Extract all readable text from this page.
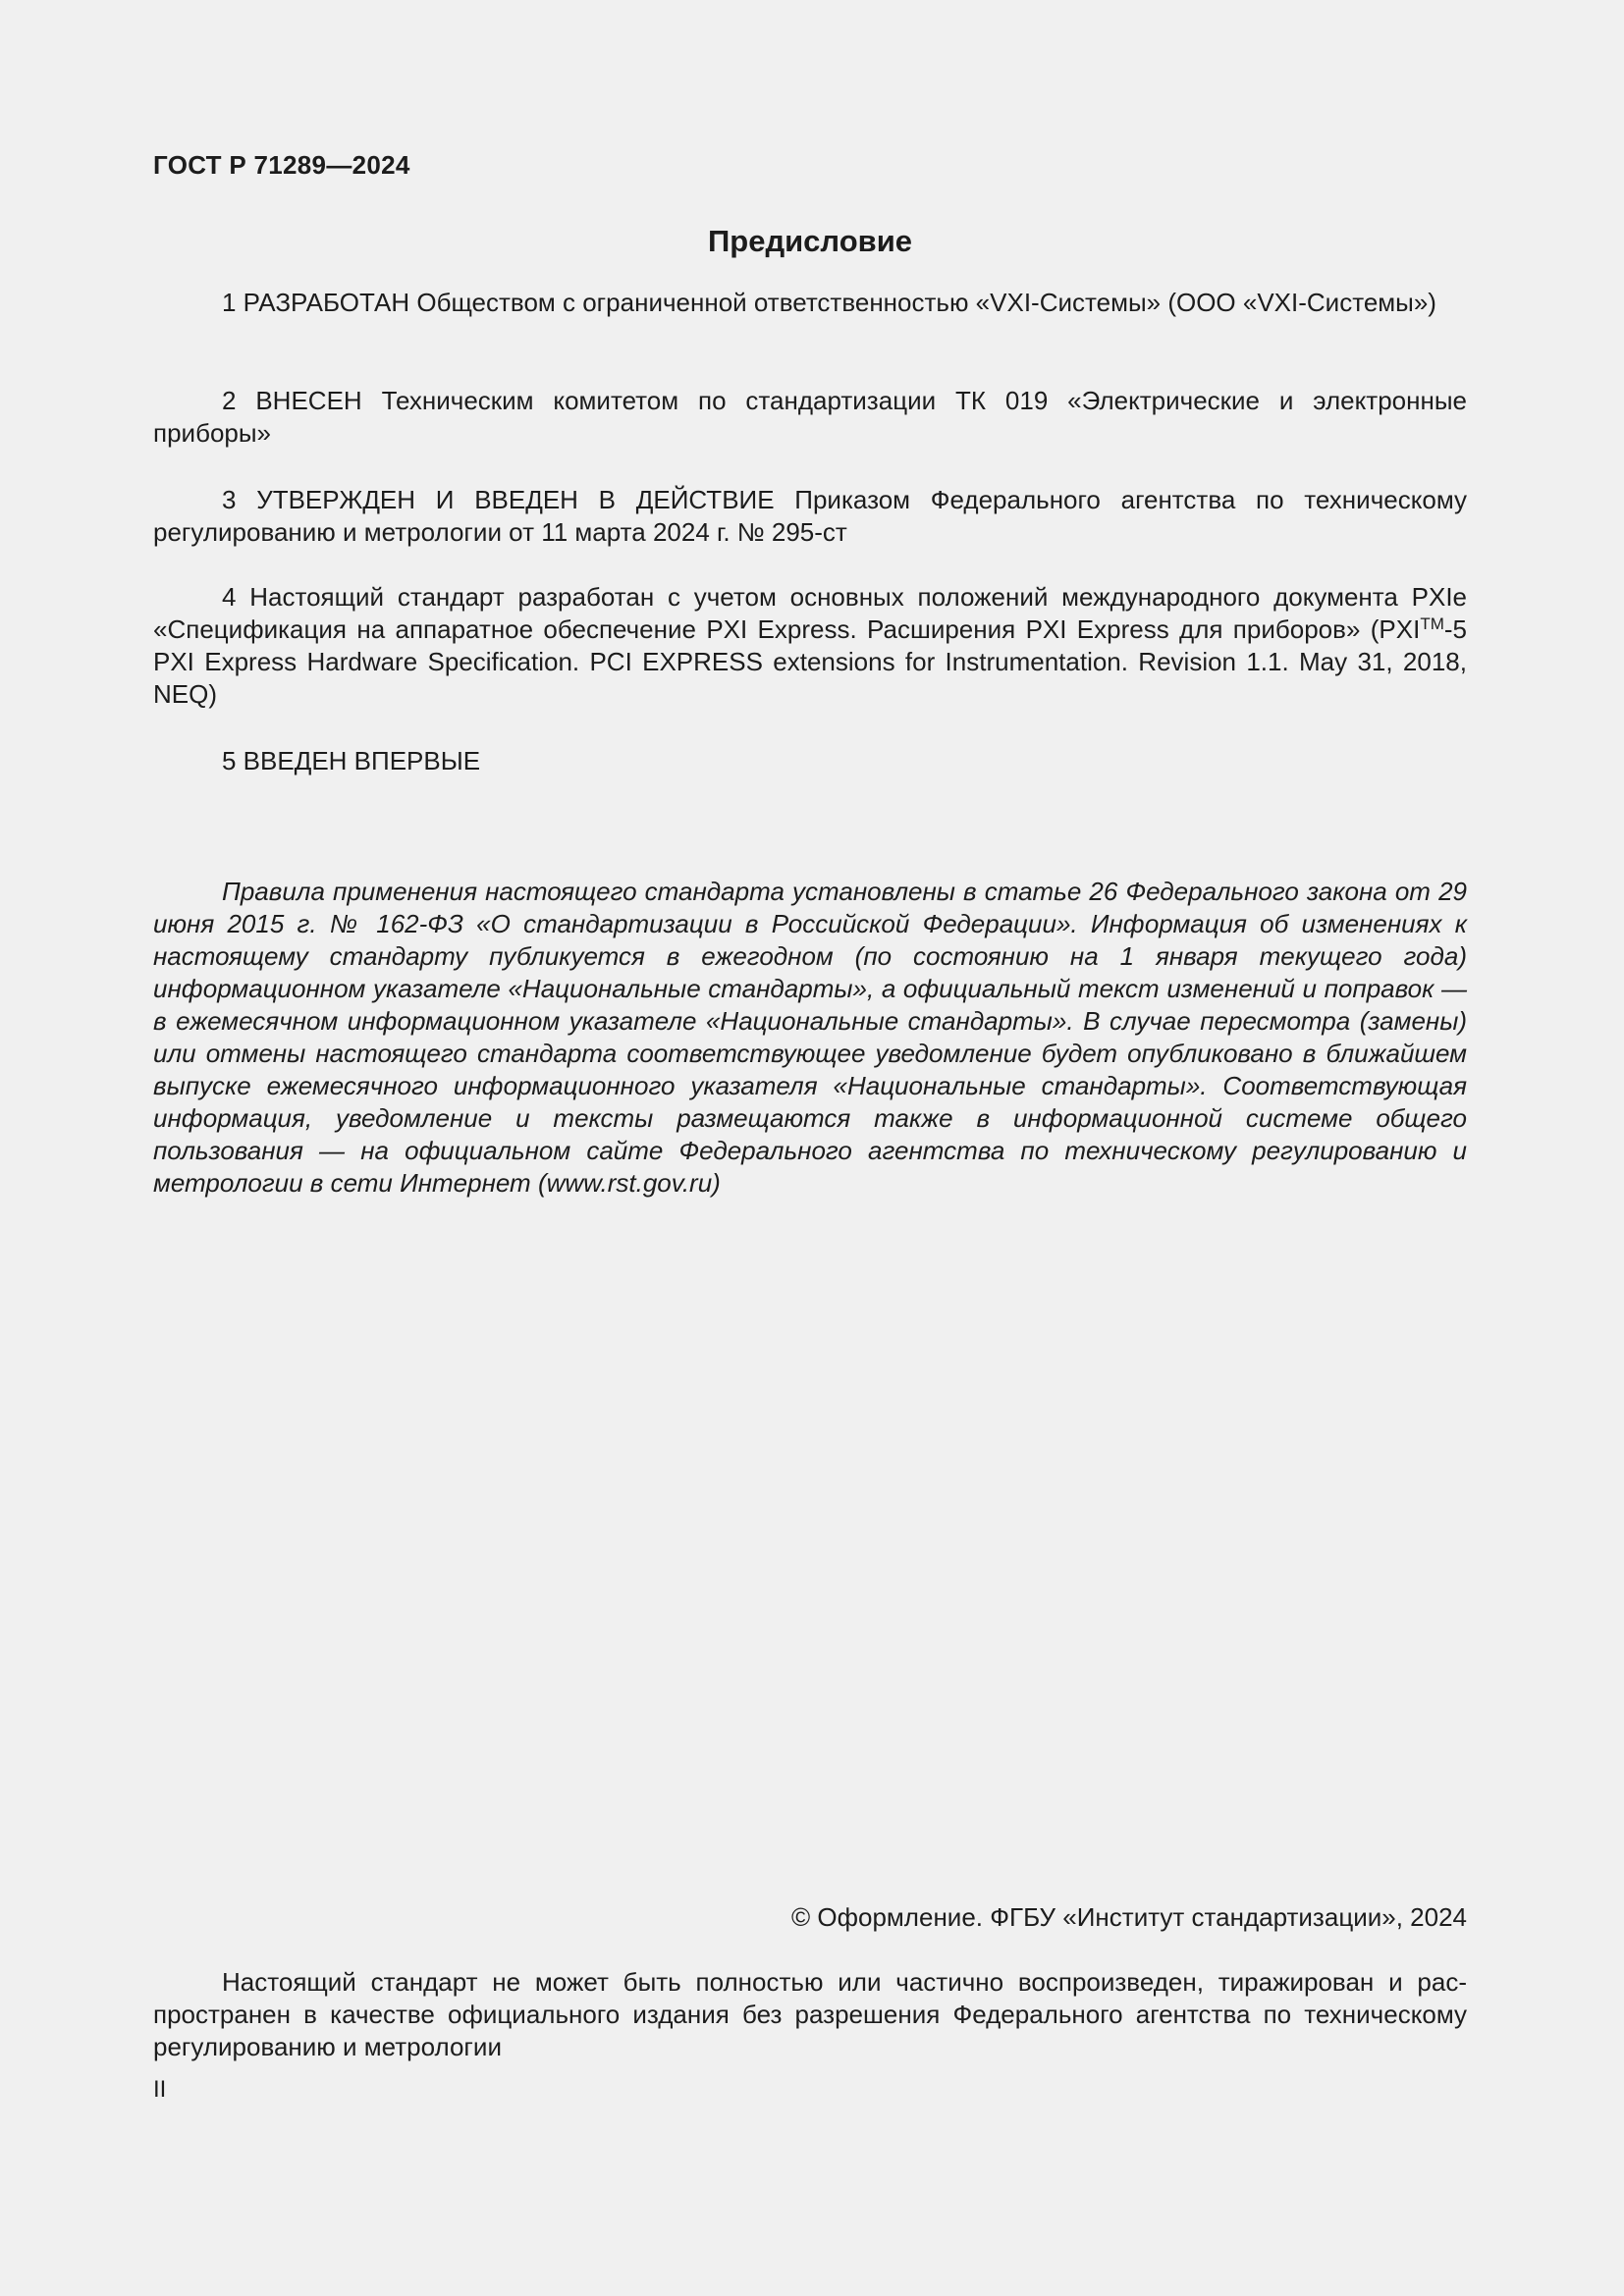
ГОСТ Р 71289—2024
Предисловие

1 РАЗРАБОТАН Обществом с ограниченной ответственностью «VXI-Системы» (ООО «VXI-Системы»)

2 ВНЕСЕН Техническим комитетом по стандартизации ТК 019 «Электрические и электронные приборы»

3 УТВЕРЖДЕН И ВВЕДЕН В ДЕЙСТВИЕ Приказом Федерального агентства по техническому регулированию и метрологии от 11 марта 2024 г. № 295-ст

4 Настоящий стандарт разработан с учетом основных положений международного документа PXIe «Спецификация на аппаратное обеспечение PXI Express. Расширения PXI Express для приборов» (PXI™-5 PXI Express Hardware Specification. PCI EXPRESS extensions for Instrumentation. Revision 1.1. May 31, 2018, NEQ)

5 ВВЕДЕН ВПЕРВЫЕ

Правила применения настоящего стандарта установлены в статье 26 Федерального закона от 29 июня 2015 г. № 162-ФЗ «О стандартизации в Российской Федерации». Информация об изменениях к настоящему стандарту публикуется в ежегодном (по состоянию на 1 января текущего года) информационном указателе «Национальные стандарты», а официальный текст изменений и поправок — в ежемесячном информационном указателе «Национальные стандарты». В случае пересмотра (замены) или отмены настоящего стандарта соответствующее уведомление будет опубликовано в ближайшем выпуске ежемесячного информационного указателя «Национальные стандарты». Соответствующая информация, уведомление и тексты размещаются также в информационной системе общего пользования — на официальном сайте Федерального агентства по техническому регулированию и метрологии в сети Интернет (www.rst.gov.ru)

© Оформление. ФГБУ «Институт стандартизации», 2024

Настоящий стандарт не может быть полностью или частично воспроизведен, тиражирован и распространен в качестве официального издания без разрешения Федерального агентства по техническому регулированию и метрологии

II
